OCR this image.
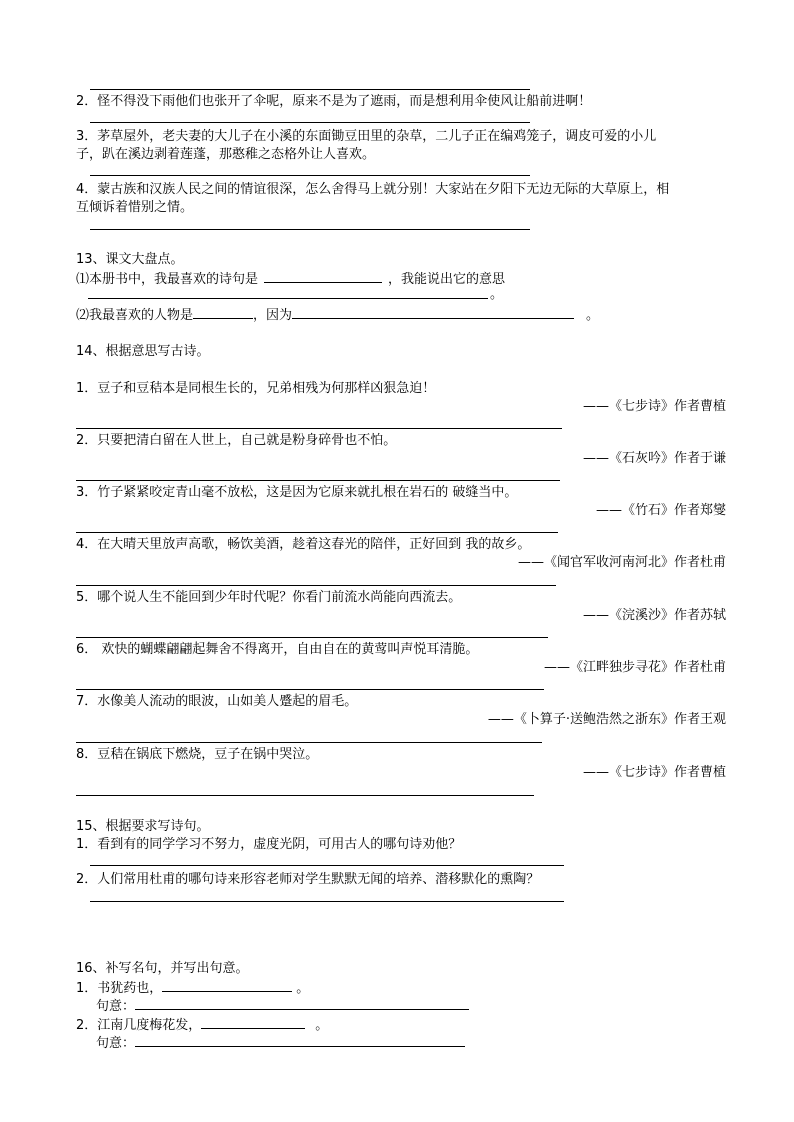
2．怪不得没下雨他们也张开了伞呢，原来不是为了遮雨，而是想利用伞使风让船前进啊！
3．茅草屋外，老夫妻的大儿子在小溪的东面锄豆田里的杂草，二儿子正在编鸡笼子，调皮可爱的小儿
子，趴在溪边剥着莲蓬，那憨稚之态格外让人喜欢。
4．蒙古族和汉族人民之间的情谊很深，怎么舍得马上就分别！大家站在夕阳下无边无际的大草原上，相
互倾诉着惜别之情。
13、课文大盘点。
⑴本册书中，我最喜欢的诗句是	，我能说出它的意思
。
⑵我最喜欢的人物是	，因为	。
14、根据意思写古诗。
1．豆子和豆秸本是同根生长的，兄弟相残为何那样凶狠急迫！
——《七步诗》作者曹植
2．只要把清白留在人世上，自己就是粉身碎骨也不怕。
——《石灰吟》作者于谦
3．竹子紧紧咬定青山毫不放松，这是因为它原来就扎根在岩石的 破缝当中。
——《竹石》作者郑燮
4．在大晴天里放声高歌，畅饮美酒，趁着这春光的陪伴，正好回到 我的故乡。
——《闻官军收河南河北》作者杜甫
5．哪个说人生不能回到少年时代呢？你看门前流水尚能向西流去。
——《浣溪沙》作者苏轼
6． 欢快的蝴蝶翩翩起舞舍不得离开，自由自在的黄莺叫声悦耳清脆。
——《江畔独步寻花》作者杜甫
7．水像美人流动的眼波，山如美人蹙起的眉毛。
——《卜算子·送鲍浩然之浙东》作者王观
8．豆秸在锅底下燃烧，豆子在锅中哭泣。
——《七步诗》作者曹植
15、根据要求写诗句。
1．看到有的同学学习不努力，虚度光阴，可用古人的哪句诗劝他？
2．人们常用杜甫的哪句诗来形容老师对学生默默无闻的培养、潜移默化的熏陶？
16、补写名句，并写出句意。
1．书犹药也，	。
句意：
2．江南几度梅花发，	。
句意：
